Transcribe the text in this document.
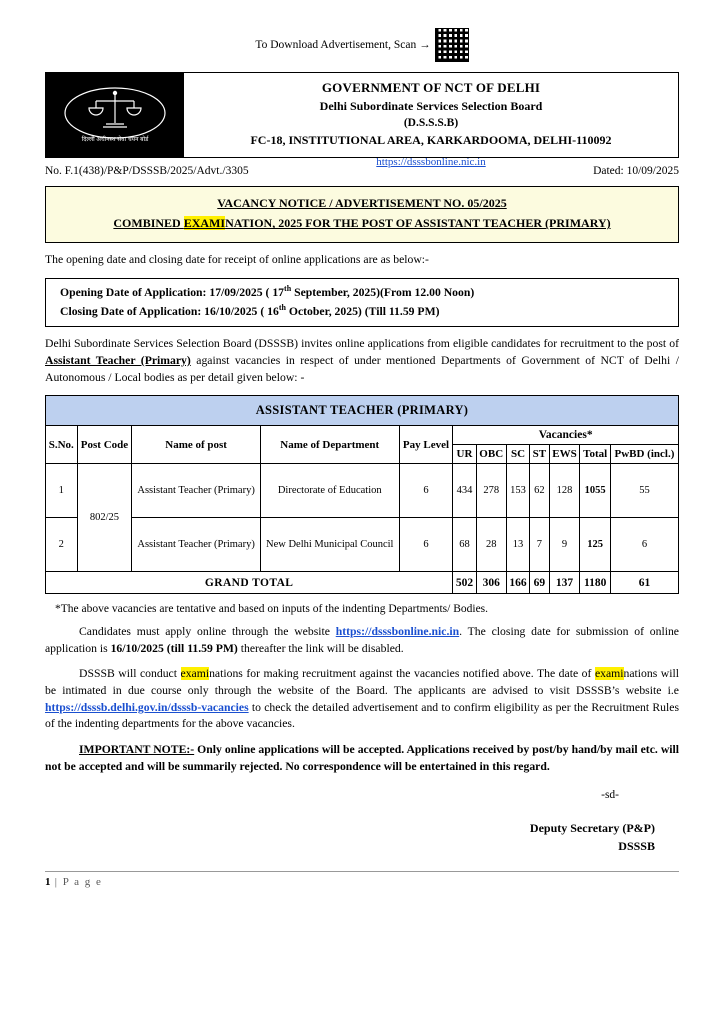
To Download Advertisement, Scan →
दिल्ली अधीनस्थ सेवा चयन बोर्ड
GOVERNMENT OF NCT OF DELHI
Delhi Subordinate Services Selection Board
(D.S.S.S.B)
FC-18, INSTITUTIONAL AREA, KARKARDOOMA, DELHI-110092
https://dsssbonline.nic.in
No. F.1(438)/P&P/DSSSB/2025/Advt./3305	Dated: 10/09/2025
VACANCY NOTICE / ADVERTISEMENT NO. 05/2025
COMBINED EXAMINATION, 2025 FOR THE POST OF ASSISTANT TEACHER (PRIMARY)

The opening date and closing date for receipt of online applications are as below:-

Opening Date of Application: 17/09/2025 ( 17th September, 2025)(From 12.00 Noon)
Closing Date of Application: 16/10/2025 ( 16th October, 2025) (Till 11.59 PM)

Delhi Subordinate Services Selection Board (DSSSB) invites online applications from eligible candidates for recruitment to the post of Assistant Teacher (Primary) against vacancies in respect of under mentioned Departments of Government of NCT of Delhi / Autonomous / Local bodies as per detail given below: -

ASSISTANT TEACHER (PRIMARY)											
S.No.	Post Code	Name of post	Name of Department	Pay Level	Vacancies*						
					UR	OBC	SC	ST	EWS	Total	PwBD (incl.)
1	802/25	Assistant Teacher (Primary)	Directorate of Education	6	434	278	153	62	128	1055	55
2		Assistant Teacher (Primary)	New Delhi Municipal Council	6	68	28	13	7	9	125	6
GRAND TOTAL					502	306	166	69	137	1180	61
*The above vacancies are tentative and based on inputs of the indenting Departments/ Bodies.

Candidates must apply online through the website https://dsssbonline.nic.in. The closing date for submission of online application is 16/10/2025 (till 11.59 PM) thereafter the link will be disabled.

DSSSB will conduct examinations for making recruitment against the vacancies notified above. The date of examinations will be intimated in due course only through the website of the Board. The applicants are advised to visit DSSSB’s website i.e https://dsssb.delhi.gov.in/dsssb-vacancies to check the detailed advertisement and to confirm eligibility as per the Recruitment Rules of the indenting departments for the above vacancies.

IMPORTANT NOTE:- Only online applications will be accepted. Applications received by post/by hand/by mail etc. will not be accepted and will be summarily rejected. No correspondence will be entertained in this regard.

-sd-
Deputy Secretary (P&P)
DSSSB
1 | P a g e
